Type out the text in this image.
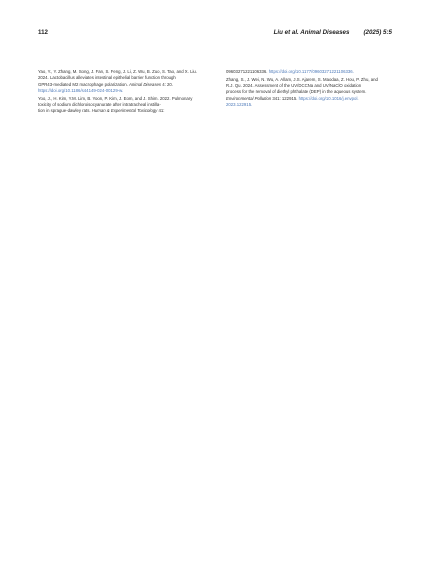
112	Liu et al. Animal Diseases (2025) 5:5
Yao, Y., Y. Zhang, M. Song, J. Fan, S. Feng, J. Li, Z. Wu, B. Zuo, S. Tao, and X. Liu.
2024. Lactobacillus alleviates intestinal epithelial barrier function through
GPR43-mediated M2 macrophage polarization. Animal Diseases 4: 20.
https://doi.org/10.1186/s44149-024-00129-w.
Yoo, J., H. Kim, Y.M. Lim, B. Yoon, P. Kim, J. Eom, and J. Shim. 2022. Pulmonary
toxicity of sodium dichloroisocyanurate after intratracheal instilla-
tion in sprague-dawley rats. Human & Experimental Toxicology 41:
09603271221106336. https://doi.org/10.1177/09603271221106336.
Zhang, S., J. Wei, N. Wu, A. Allam, J.S. Ajarem, S. Maodaa, Z. Hou, P. Zhu, and
R.J. Qu. 2024. Assessment of the UV/DCCNa and UV/NaClO oxidation
process for the removal of diethyl phthalate (DEP) in the aqueous system.
Environmental Pollution 341: 122915. https://doi.org/10.1016/j.envpol.
2023.122915.
